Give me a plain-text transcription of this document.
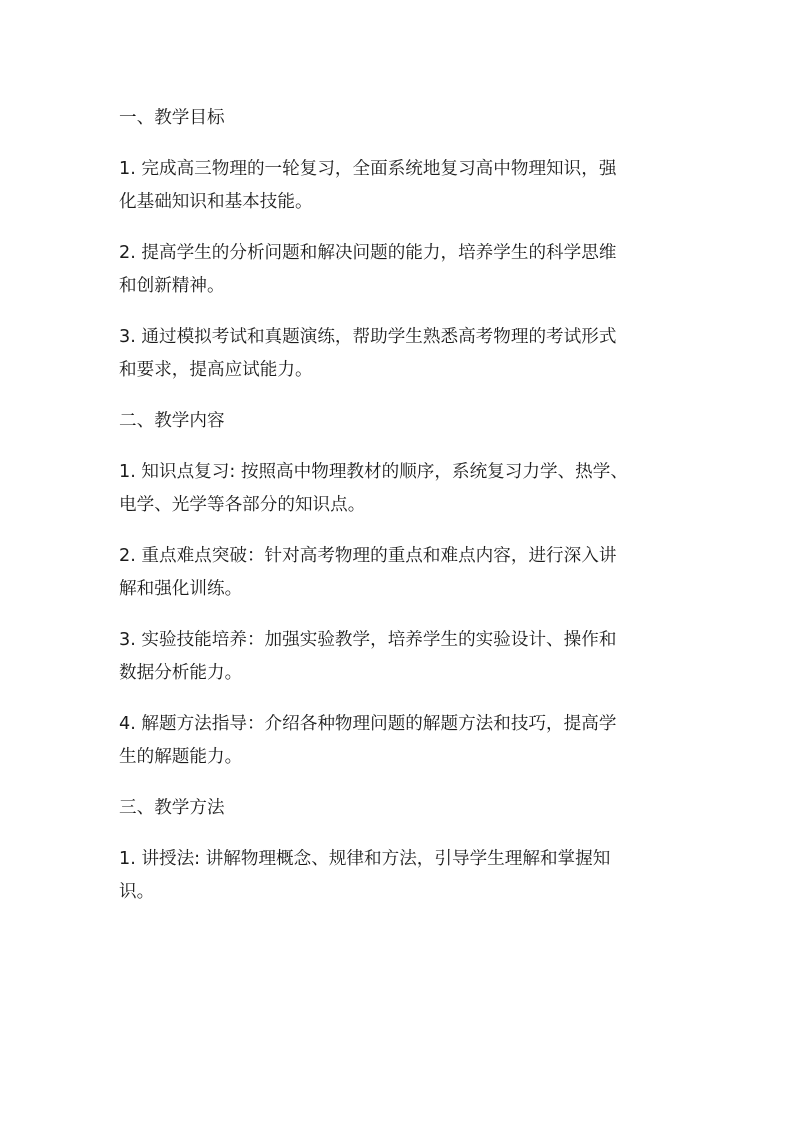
一、教学目标
1. 完成高三物理的一轮复习，全面系统地复习高中物理知识，强
化基础知识和基本技能。
2. 提高学生的分析问题和解决问题的能力，培养学生的科学思维
和创新精神。
3. 通过模拟考试和真题演练，帮助学生熟悉高考物理的考试形式
和要求，提高应试能力。
二、教学内容
1. 知识点复习: 按照高中物理教材的顺序，系统复习力学、热学、
电学、光学等各部分的知识点。
2. 重点难点突破：针对高考物理的重点和难点内容，进行深入讲
解和强化训练。
3. 实验技能培养：加强实验教学，培养学生的实验设计、操作和
数据分析能力。
4. 解题方法指导：介绍各种物理问题的解题方法和技巧，提高学
生的解题能力。
三、教学方法
1. 讲授法: 讲解物理概念、规律和方法，引导学生理解和掌握知
识。
